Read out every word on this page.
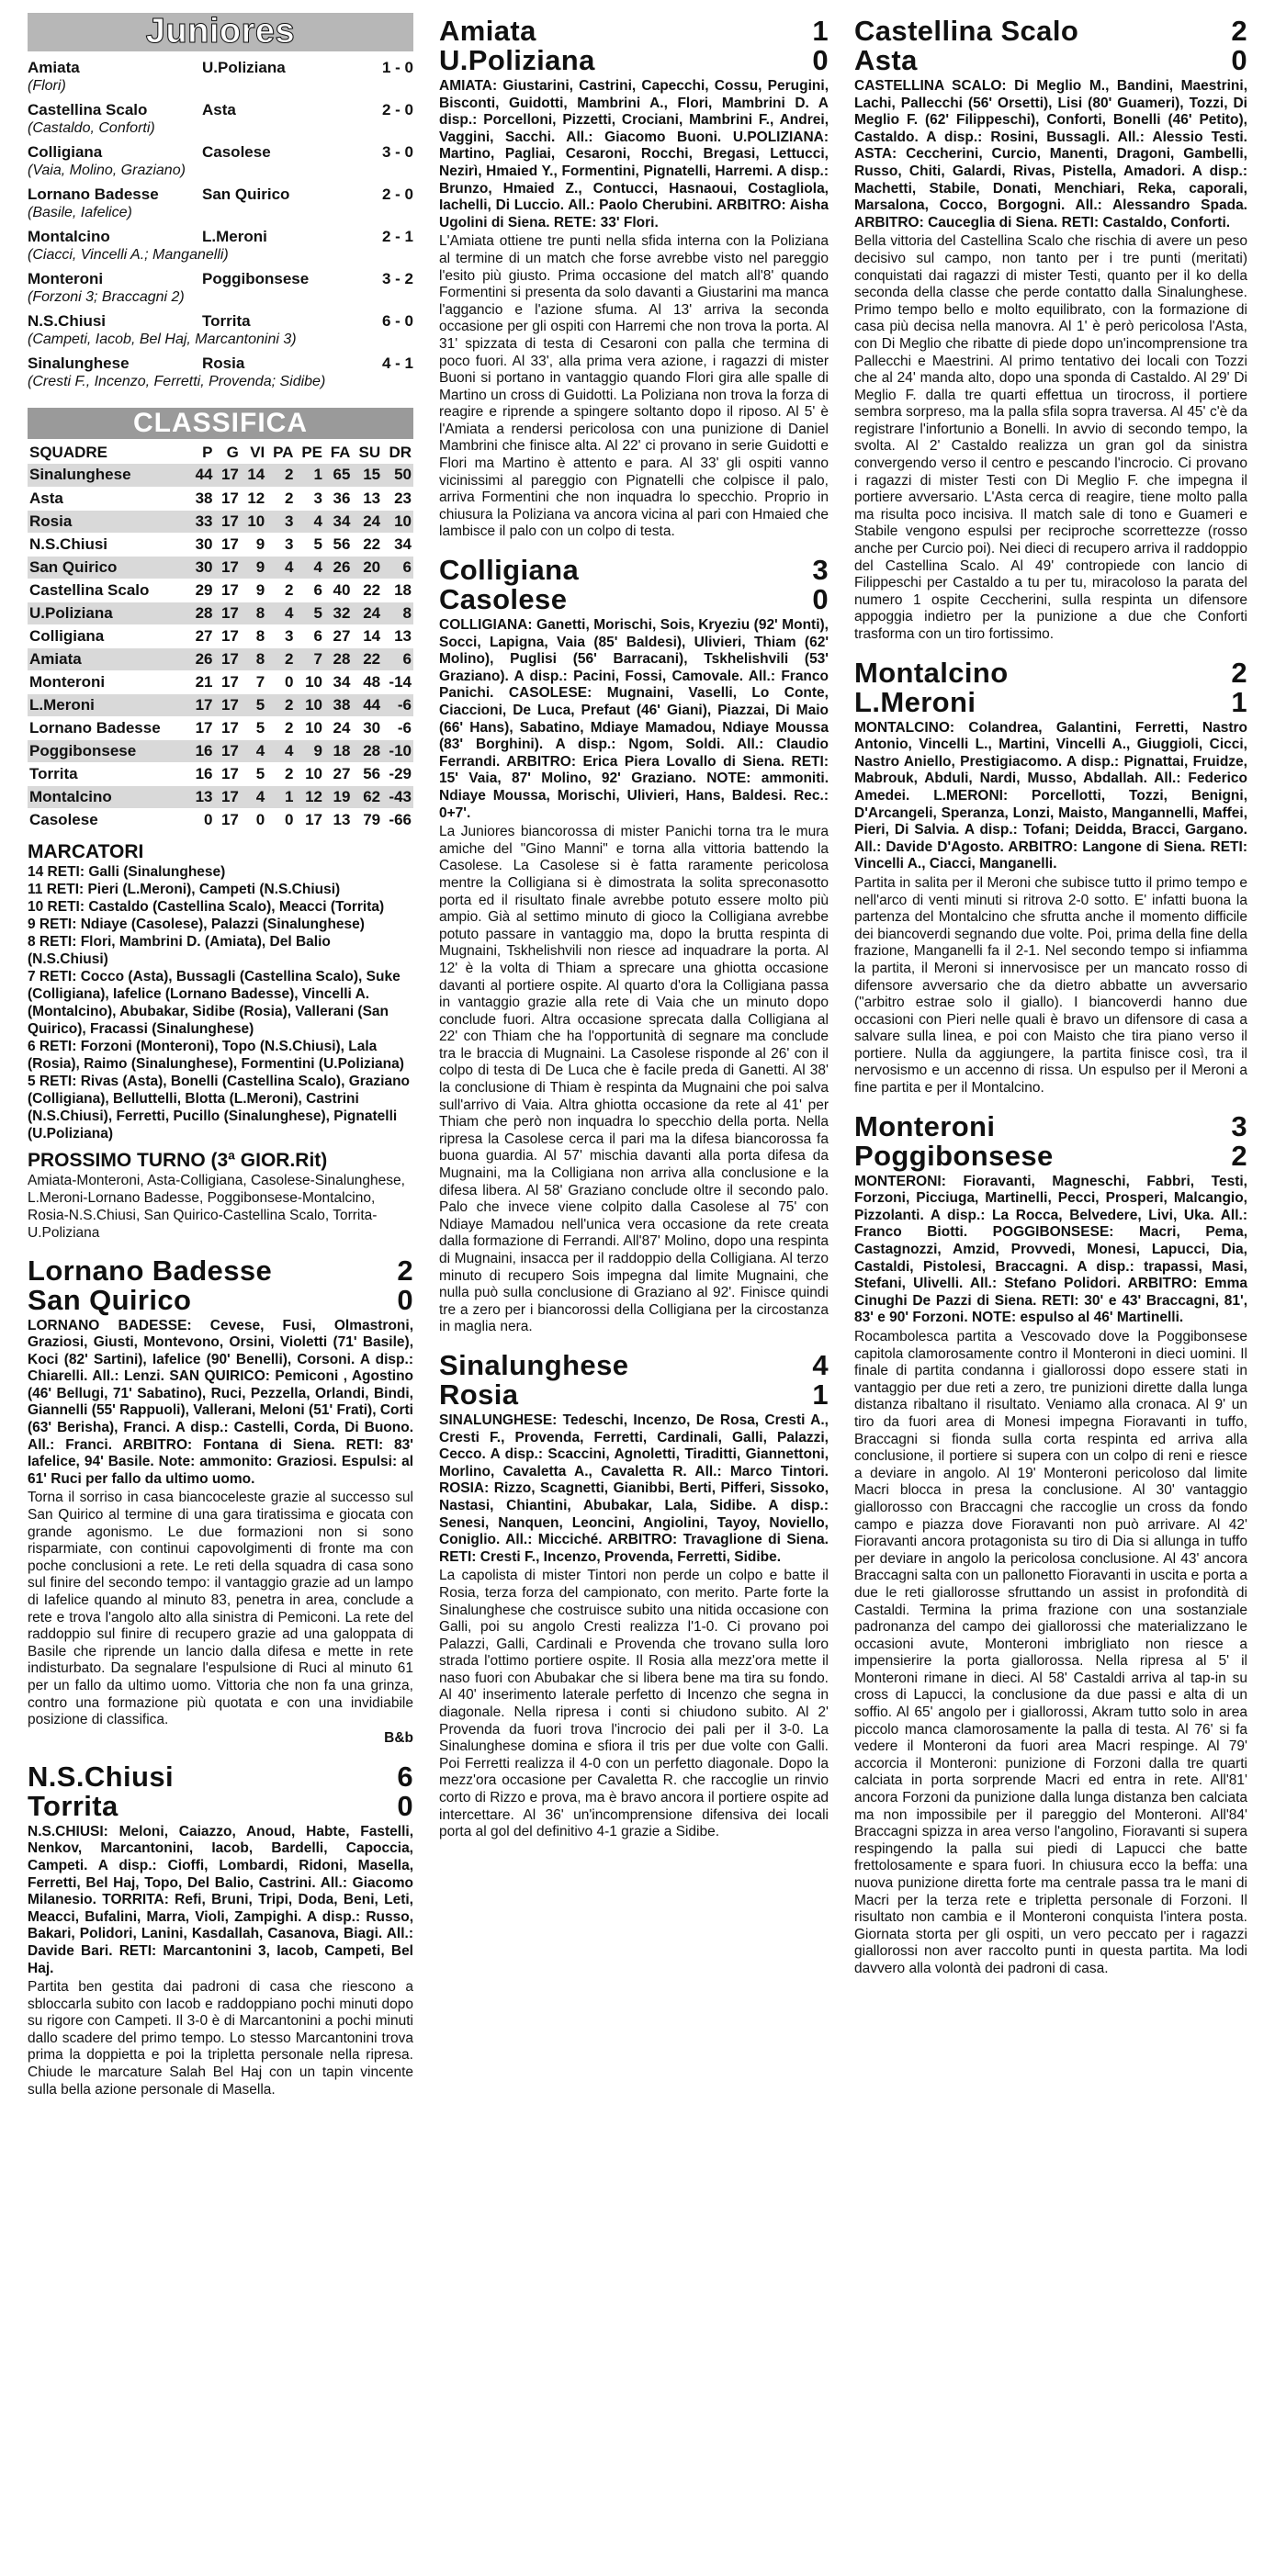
Juniores
Amiata	U.Poliziana	1 - 0
(Flori)
Castellina Scalo	Asta	2 - 0
(Castaldo, Conforti)
Colligiana	Casolese	3 - 0
(Vaia, Molino, Graziano)
Lornano Badesse	San Quirico	2 - 0
(Basile, Iafelice)
Montalcino	L.Meroni	2 - 1
(Ciacci, Vincelli A.; Manganelli)
Monteroni	Poggibonsese	3 - 2
(Forzoni 3; Braccagni 2)
N.S.Chiusi	Torrita	6 - 0
(Campeti, Iacob, Bel Haj, Marcantonini 3)
Sinalunghese	Rosia	4 - 1
(Cresti F., Incenzo, Ferretti, Provenda; Sidibe)
CLASSIFICA
SQUADRE	P	G	VI	PA	PE	FA	SU	DR
Sinalunghese	44	17	14	2	1	65	15	50
Asta	38	17	12	2	3	36	13	23
Rosia	33	17	10	3	4	34	24	10
N.S.Chiusi	30	17	9	3	5	56	22	34
San Quirico	30	17	9	4	4	26	20	6
Castellina Scalo	29	17	9	2	6	40	22	18
U.Poliziana	28	17	8	4	5	32	24	8
Colligiana	27	17	8	3	6	27	14	13
Amiata	26	17	8	2	7	28	22	6
Monteroni	21	17	7	0	10	34	48	-14
L.Meroni	17	17	5	2	10	38	44	-6
Lornano Badesse	17	17	5	2	10	24	30	-6
Poggibonsese	16	17	4	4	9	18	28	-10
Torrita	16	17	5	2	10	27	56	-29
Montalcino	13	17	4	1	12	19	62	-43
Casolese	0	17	0	0	17	13	79	-66
MARCATORI

14 RETI: Galli (Sinalunghese)

11 RETI: Pieri (L.Meroni), Campeti (N.S.Chiusi)

10 RETI: Castaldo (Castellina Scalo), Meacci (Torrita)

9 RETI: Ndiaye (Casolese), Palazzi (Sinalunghese)

8 RETI: Flori, Mambrini D. (Amiata), Del Balio (N.S.Chiusi)

7 RETI: Cocco (Asta), Bussagli (Castellina Scalo), Suke (Colligiana), Iafelice (Lornano Badesse), Vincelli A. (Montalcino), Abubakar, Sidibe (Rosia), Vallerani (San Quirico), Fracassi (Sinalunghese)

6 RETI: Forzoni (Monteroni), Topo (N.S.Chiusi), Lala (Rosia), Raimo (Sinalunghese), Formentini (U.Poliziana)

5 RETI: Rivas (Asta), Bonelli (Castellina Scalo), Graziano (Colligiana), Belluttelli, Blotta (L.Meroni), Castrini (N.S.Chiusi), Ferretti, Pucillo (Sinalunghese), Pignatelli (U.Poliziana)

PROSSIMO TURNO (3ª GIOR.Rit)
Amiata-Monteroni, Asta-Colligiana, Casolese-Sinalunghese, L.Meroni-Lornano Badesse, Poggibonsese-Montalcino, Rosia-N.S.Chiusi, San Quirico-Castellina Scalo, Torrita-U.Poliziana
Lornano Badesse	2
San Quirico	0
LORNANO BADESSE: Cevese, Fusi, Olmastroni, Graziosi, Giusti, Montevono, Orsini, Violetti (71' Basile), Koci (82' Sartini), Iafelice (90' Benelli), Corsoni. A disp.: Chiarelli. All.: Lenzi. SAN QUIRICO: Pemiconi , Agostino (46' Bellugi, 71' Sabatino), Ruci, Pezzella, Orlandi, Bindi, Giannelli (55' Rappuoli), Vallerani, Meloni (51' Frati), Corti (63' Berisha), Franci. A disp.: Castelli, Corda, Di Buono. All.: Franci. ARBITRO: Fontana di Siena. RETI: 83' Iafelice, 94' Basile. Note: ammonito: Graziosi. Espulsi: al 61' Ruci per fallo da ultimo uomo.
Torna il sorriso in casa biancoceleste grazie al successo sul San Quirico al termine di una gara tiratissima e giocata con grande agonismo. Le due formazioni non si sono risparmiate, con continui capovolgimenti di fronte ma con poche conclusioni a rete. Le reti della squadra di casa sono sul finire del secondo tempo: il vantaggio grazie ad un lampo di Iafelice quando al minuto 83, penetra in area, conclude a rete e trova l'angolo alto alla sinistra di Pemiconi. La rete del raddoppio sul finire di recupero grazie ad una galoppata di Basile che riprende un lancio dalla difesa e mette in rete indisturbato. Da segnalare l'espulsione di Ruci al minuto 61 per un fallo da ultimo uomo. Vittoria che non fa una grinza, contro una formazione più quotata e con una invidiabile posizione di classifica.
B&b
N.S.Chiusi	6
Torrita	0
N.S.CHIUSI: Meloni, Caiazzo, Anoud, Habte, Fastelli, Nenkov, Marcantonini, Iacob, Bardelli, Capoccia, Campeti. A disp.: Cioffi, Lombardi, Ridoni, Masella, Ferretti, Bel Haj, Topo, Del Balio, Castrini. All.: Giacomo Milanesio. TORRITA: Refi, Bruni, Tripi, Doda, Beni, Leti, Meacci, Bufalini, Marra, Violi, Zampighi. A disp.: Russo, Bakari, Polidori, Lanini, Kasdallah, Casanova, Biagi. All.: Davide Bari. RETI: Marcantonini 3, Iacob, Campeti, Bel Haj.
Partita ben gestita dai padroni di casa che riescono a sbloccarla subito con Iacob e raddoppiano pochi minuti dopo su rigore con Campeti. Il 3-0 è di Marcantonini a pochi minuti dallo scadere del primo tempo. Lo stesso Marcantonini trova prima la doppietta e poi la tripletta personale nella ripresa. Chiude le marcature Salah Bel Haj con un tapin vincente sulla bella azione personale di Masella.
Amiata	1
U.Poliziana	0
AMIATA: Giustarini, Castrini, Capecchi, Cossu, Perugini, Bisconti, Guidotti, Mambrini A., Flori, Mambrini D. A disp.: Porcelloni, Pizzetti, Crociani, Mambrini F., Andrei, Vaggini, Sacchi. All.: Giacomo Buoni. U.POLIZIANA: Martino, Pagliai, Cesaroni, Rocchi, Bregasi, Lettucci, Nezirì, Hmaied Y., Formentini, Pignatelli, Harremi. A disp.: Brunzo, Hmaied Z., Contucci, Hasnaoui, Costagliola, Iachelli, Di Luccio. All.: Paolo Cherubini. ARBITRO: Aisha Ugolini di Siena. RETE: 33' Flori.
L'Amiata ottiene tre punti nella sfida interna con la Poliziana al termine di un match che forse avrebbe visto nel pareggio l'esito più giusto. Prima occasione del match all'8' quando Formentini si presenta da solo davanti a Giustarini ma manca l'aggancio e l'azione sfuma. Al 13' arriva la seconda occasione per gli ospiti con Harremi che non trova la porta. Al 31' spizzata di testa di Cesaroni con palla che termina di poco fuori. Al 33', alla prima vera azione, i ragazzi di mister Buoni si portano in vantaggio quando Flori gira alle spalle di Martino un cross di Guidotti. La Poliziana non trova la forza di reagire e riprende a spingere soltanto dopo il riposo. Al 5' è l'Amiata a rendersi pericolosa con una punizione di Daniel Mambrini che finisce alta. Al 22' ci provano in serie Guidotti e Flori ma Martino è attento e para. Al 33' gli ospiti vanno vicinissimi al pareggio con Pignatelli che colpisce il palo, arriva Formentini che non inquadra lo specchio. Proprio in chiusura la Poliziana va ancora vicina al pari con Hmaied che lambisce il palo con un colpo di testa.
Colligiana	3
Casolese	0
COLLIGIANA: Ganetti, Morischi, Sois, Kryeziu (92' Monti), Socci, Lapigna, Vaia (85' Baldesi), Ulivieri, Thiam (62' Molino), Puglisi (56' Barracani), Tskhelishvili (53' Graziano). A disp.: Pacini, Fossi, Camovale. All.: Franco Panichi. CASOLESE: Mugnaini, Vaselli, Lo Conte, Ciaccioni, De Luca, Prefaut (46' Giani), Piazzai, Di Maio (66' Hans), Sabatino, Mdiaye Mamadou, Ndiaye Moussa (83' Borghini). A disp.: Ngom, Soldi. All.: Claudio Ferrandi. ARBITRO: Erica Piera Lovallo di Siena. RETI: 15' Vaia, 87' Molino, 92' Graziano. NOTE: ammoniti. Ndiaye Moussa, Morischi, Ulivieri, Hans, Baldesi. Rec.: 0+7'.
La Juniores biancorossa di mister Panichi torna tra le mura amiche del "Gino Manni" e torna alla vittoria battendo la Casolese. La Casolese si è fatta raramente pericolosa mentre la Colligiana si è dimostrata la solita spreconasotto porta ed il risultato finale avrebbe potuto essere molto più ampio. Già al settimo minuto di gioco la Colligiana avrebbe potuto passare in vantaggio ma, dopo la brutta respinta di Mugnaini, Tskhelishvili non riesce ad inquadrare la porta. Al 12' è la volta di Thiam a sprecare una ghiotta occasione davanti al portiere ospite. Al quarto d'ora la Colligiana passa in vantaggio grazie alla rete di Vaia che un minuto dopo conclude fuori. Altra occasione sprecata dalla Colligiana al 22' con Thiam che ha l'opportunità di segnare ma conclude tra le braccia di Mugnaini. La Casolese risponde al 26' con il colpo di testa di De Luca che è facile preda di Ganetti. Al 38' la conclusione di Thiam è respinta da Mugnaini che poi salva sull'arrivo di Vaia. Altra ghiotta occasione da rete al 41' per Thiam che però non inquadra lo specchio della porta. Nella ripresa la Casolese cerca il pari ma la difesa biancorossa fa buona guardia. Al 57' mischia davanti alla porta difesa da Mugnaini, ma la Colligiana non arriva alla conclusione e la difesa libera. Al 58' Graziano conclude oltre il secondo palo. Palo che invece viene colpito dalla Casolese al 75' con Ndiaye Mamadou nell'unica vera occasione da rete creata dalla formazione di Ferrandi. All'87' Molino, dopo una respinta di Mugnaini, insacca per il raddoppio della Colligiana. Al terzo minuto di recupero Sois impegna dal limite Mugnaini, che nulla può sulla conclusione di Graziano al 92'. Finisce quindi tre a zero per i biancorossi della Colligiana per la circostanza in maglia nera.
Sinalunghese	4
Rosia	1
SINALUNGHESE: Tedeschi, Incenzo, De Rosa, Cresti A., Cresti F., Provenda, Ferretti, Cardinali, Galli, Palazzi, Cecco. A disp.: Scaccini, Agnoletti, Tiraditti, Giannettoni, Morlino, Cavaletta A., Cavaletta R. All.: Marco Tintori. ROSIA: Rizzo, Scagnetti, Gianibbi, Berti, Pifferi, Sissoko, Nastasi, Chiantini, Abubakar, Lala, Sidibe. A disp.: Senesi, Nanquen, Leoncini, Angiolini, Tayoy, Noviello, Coniglio. All.: Micciché. ARBITRO: Travaglione di Siena. RETI: Cresti F., Incenzo, Provenda, Ferretti, Sidibe.
La capolista di mister Tintori non perde un colpo e batte il Rosia, terza forza del campionato, con merito. Parte forte la Sinalunghese che costruisce subito una nitida occasione con Galli, poi su angolo Cresti realizza l'1-0. Ci provano poi Palazzi, Galli, Cardinali e Provenda che trovano sulla loro strada l'ottimo portiere ospite. Il Rosia alla mezz'ora mette il naso fuori con Abubakar che si libera bene ma tira su fondo. Al 40' inserimento laterale perfetto di Incenzo che segna in diagonale. Nella ripresa i conti si chiudono subito. Al 2' Provenda da fuori trova l'incrocio dei pali per il 3-0. La Sinalunghese domina e sfiora il tris per due volte con Galli. Poi Ferretti realizza il 4-0 con un perfetto diagonale. Dopo la mezz'ora occasione per Cavaletta R. che raccoglie un rinvio corto di Rizzo e prova, ma è bravo ancora il portiere ospite ad intercettare. Al 36' un'incomprensione difensiva dei locali porta al gol del definitivo 4-1 grazie a Sidibe.
Castellina Scalo	2
Asta	0
CASTELLINA SCALO: Di Meglio M., Bandini, Maestrini, Lachi, Pallecchi (56' Orsetti), Lisi (80' Guameri), Tozzi, Di Meglio F. (62' Filippeschi), Conforti, Bonelli (46' Petito), Castaldo. A disp.: Rosini, Bussagli. All.: Alessio Testi. ASTA: Ceccherini, Curcio, Manenti, Dragoni, Gambelli, Russo, Chiti, Galardi, Rivas, Pistella, Amadori. A disp.: Machetti, Stabile, Donati, Menchiari, Reka, caporali, Marsalona, Cocco, Borgogni. All.: Alessandro Spada. ARBITRO: Cauceglia di Siena. RETI: Castaldo, Conforti.
Bella vittoria del Castellina Scalo che rischia di avere un peso decisivo sul campo, non tanto per i tre punti (meritati) conquistati dai ragazzi di mister Testi, quanto per il ko della seconda della classe che perde contatto dalla Sinalunghese. Primo tempo bello e molto equilibrato, con la formazione di casa più decisa nella manovra. Al 1' è però pericolosa l'Asta, con Di Meglio che ribatte di piede dopo un'incomprensione tra Pallecchi e Maestrini. Al primo tentativo dei locali con Tozzi che al 24' manda alto, dopo una sponda di Castaldo. Al 29' Di Meglio F. dalla tre quarti effettua un tirocross, il portiere sembra sorpreso, ma la palla sfila sopra traversa. Al 45' c'è da registrare l'infortunio a Bonelli. In avvio di secondo tempo, la svolta. Al 2' Castaldo realizza un gran gol da sinistra convergendo verso il centro e pescando l'incrocio. Ci provano i ragazzi di mister Testi con Di Meglio F. che impegna il portiere avversario. L'Asta cerca di reagire, tiene molto palla ma risulta poco incisiva. Il match sale di tono e Guameri e Stabile vengono espulsi per reciproche scorrettezze (rosso anche per Curcio poi). Nei dieci di recupero arriva il raddoppio del Castellina Scalo. Al 49' contropiede con lancio di Filippeschi per Castaldo a tu per tu, miracoloso la parata del numero 1 ospite Ceccherini, sulla respinta un difensore appoggia indietro per la punizione a due che Conforti trasforma con un tiro fortissimo.
Montalcino	2
L.Meroni	1
MONTALCINO: Colandrea, Galantini, Ferretti, Nastro Antonio, Vincelli L., Martini, Vincelli A., Giuggioli, Cicci, Nastro Aniello, Prestigiacomo. A disp.: Pignattai, Fruidze, Mabrouk, Abduli, Nardi, Musso, Abdallah. All.: Federico Amedei. L.MERONI: Porcellotti, Tozzi, Benigni, D'Arcangeli, Speranza, Lonzi, Maisto, Mangannelli, Maffei, Pieri, Di Salvia. A disp.: Tofani; Deidda, Bracci, Gargano. All.: Davide D'Agosto. ARBITRO: Langone di Siena. RETI: Vincelli A., Ciacci, Manganelli.
Partita in salita per il Meroni che subisce tutto il primo tempo e nell'arco di venti minuti si ritrova 2-0 sotto. E' infatti buona la partenza del Montalcino che sfrutta anche il momento difficile dei biancoverdi segnando due volte. Poi, prima della fine della frazione, Manganelli fa il 2-1. Nel secondo tempo si infiamma la partita, il Meroni si innervosisce per un mancato rosso di difensore avversario che da dietro abbatte un avversario ("arbitro estrae solo il giallo). I biancoverdi hanno due occasioni con Pieri nelle quali è bravo un difensore di casa a salvare sulla linea, e poi con Maisto che tira piano verso il portiere. Nulla da aggiungere, la partita finisce così, tra il nervosismo e un accenno di rissa. Un espulso per il Meroni a fine partita e per il Montalcino.
Monteroni	3
Poggibonsese	2
MONTERONI: Fioravanti, Magneschi, Fabbri, Testi, Forzoni, Picciuga, Martinelli, Pecci, Prosperi, Malcangio, Pizzolanti. A disp.: La Rocca, Belvedere, Livi, Uka. All.: Franco Biotti. POGGIBONSESE: Macri, Pema, Castagnozzi, Amzid, Provvedi, Monesi, Lapucci, Dia, Castaldi, Pistolesi, Braccagni. A disp.: trapassi, Masi, Stefani, Ulivelli. All.: Stefano Polidori. ARBITRO: Emma Cinughi De Pazzi di Siena. RETI: 30' e 43' Braccagni, 81', 83' e 90' Forzoni. NOTE: espulso al 46' Martinelli.
Rocambolesca partita a Vescovado dove la Poggibonsese capitola clamorosamente contro il Monteroni in dieci uomini. Il finale di partita condanna i giallorossi dopo essere stati in vantaggio per due reti a zero, tre punizioni dirette dalla lunga distanza ribaltano il risultato. Veniamo alla cronaca. Al 9' un tiro da fuori area di Monesi impegna Fioravanti in tuffo, Braccagni si fionda sulla corta respinta ed arriva alla conclusione, il portiere si supera con un colpo di reni e riesce a deviare in angolo. Al 19' Monteroni pericoloso dal limite Macri blocca in presa la conclusione. Al 30' vantaggio giallorosso con Braccagni che raccoglie un cross da fondo campo e piazza dove Fioravanti non può arrivare. Al 42' Fioravanti ancora protagonista su tiro di Dia si allunga in tuffo per deviare in angolo la pericolosa conclusione. Al 43' ancora Braccagni salta con un pallonetto Fioravanti in uscita e porta a due le reti giallorosse sfruttando un assist in profondità di Castaldi. Termina la prima frazione con una sostanziale padronanza del campo dei giallorossi che materializzano le occasioni avute, Monteroni imbrigliato non riesce a impensierire la porta giallorossa. Nella ripresa al 5' il Monteroni rimane in dieci. Al 58' Castaldi arriva al tap-in su cross di Lapucci, la conclusione da due passi e alta di un soffio. Al 65' angolo per i giallorossi, Akram tutto solo in area piccolo manca clamorosamente la palla di testa. Al 76' si fa vedere il Monteroni da fuori area Macri respinge. Al 79' accorcia il Monteroni: punizione di Forzoni dalla tre quarti calciata in porta sorprende Macri ed entra in rete. All'81' ancora Forzoni da punizione dalla lunga distanza ben calciata ma non impossibile per il pareggio del Monteroni. All'84' Braccagni spizza in area verso l'angolino, Fioravanti si supera respingendo la palla sui piedi di Lapucci che batte frettolosamente e spara fuori. In chiusura ecco la beffa: una nuova punizione diretta forte ma centrale passa tra le mani di Macri per la terza rete e tripletta personale di Forzoni. Il risultato non cambia e il Monteroni conquista l'intera posta. Giornata storta per gli ospiti, un vero peccato per i ragazzi giallorossi non aver raccolto punti in questa partita. Ma lodi davvero alla volontà dei padroni di casa.
